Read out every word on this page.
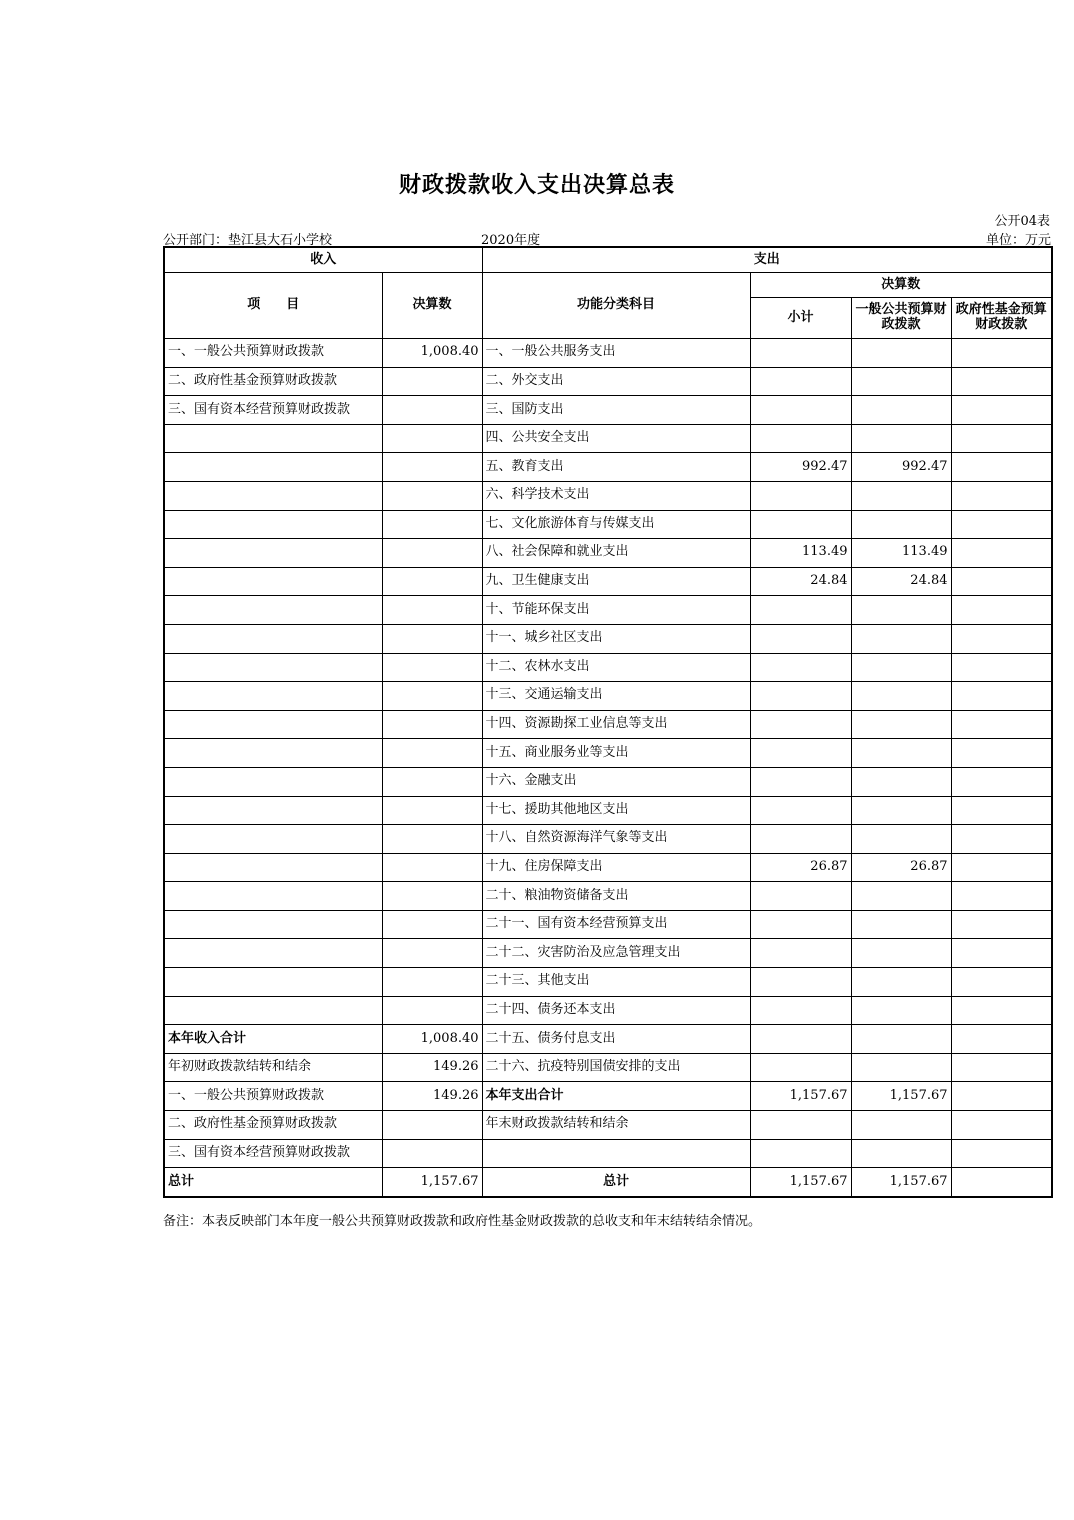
财政拨款收入支出决算总表
公开04表
公开部门：垫江县大石小学校	2020年度	单位：万元
收入		支出			
项　　目	决算数	功能分类科目	决算数		
			小计	一般公共预算财政拨款	政府性基金预算财政拨款
一、一般公共预算财政拨款	1,008.40	一、一般公共服务支出			
二、政府性基金预算财政拨款		二、外交支出			
三、国有资本经营预算财政拨款		三、国防支出			
		四、公共安全支出			
		五、教育支出	992.47	992.47	
		六、科学技术支出			
		七、文化旅游体育与传媒支出			
		八、社会保障和就业支出	113.49	113.49	
		九、卫生健康支出	24.84	24.84	
		十、节能环保支出			
		十一、城乡社区支出			
		十二、农林水支出			
		十三、交通运输支出			
		十四、资源勘探工业信息等支出			
		十五、商业服务业等支出			
		十六、金融支出			
		十七、援助其他地区支出			
		十八、自然资源海洋气象等支出			
		十九、住房保障支出	26.87	26.87	
		二十、粮油物资储备支出			
		二十一、国有资本经营预算支出			
		二十二、灾害防治及应急管理支出			
		二十三、其他支出			
		二十四、债务还本支出			
本年收入合计	1,008.40	二十五、债务付息支出			
年初财政拨款结转和结余	149.26	二十六、抗疫特别国债安排的支出			
一、一般公共预算财政拨款	149.26	本年支出合计	1,157.67	1,157.67	
二、政府性基金预算财政拨款		年末财政拨款结转和结余			
三、国有资本经营预算财政拨款					
总计	1,157.67	总计	1,157.67	1,157.67	
备注：本表反映部门本年度一般公共预算财政拨款和政府性基金财政拨款的总收支和年末结转结余情况。
